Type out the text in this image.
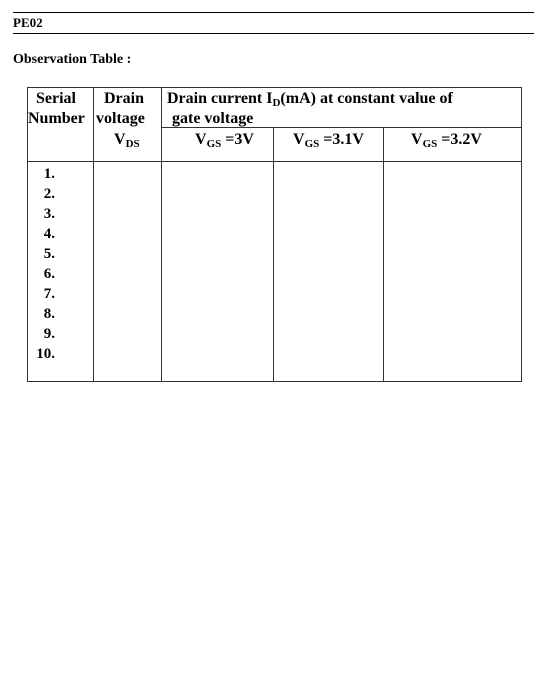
PE02
Observation Table :
Serial
Number
Drain
voltage
$V_{DS}$
Drain current $I_D(mA)$ at constant value of
gate voltage
$V_{GS} =3V$ $V_{GS} =3.1V$	$V_{GS} =3.2V$
1.
2.
3.
4.
5.
6.
7.
8.
9.
10.
